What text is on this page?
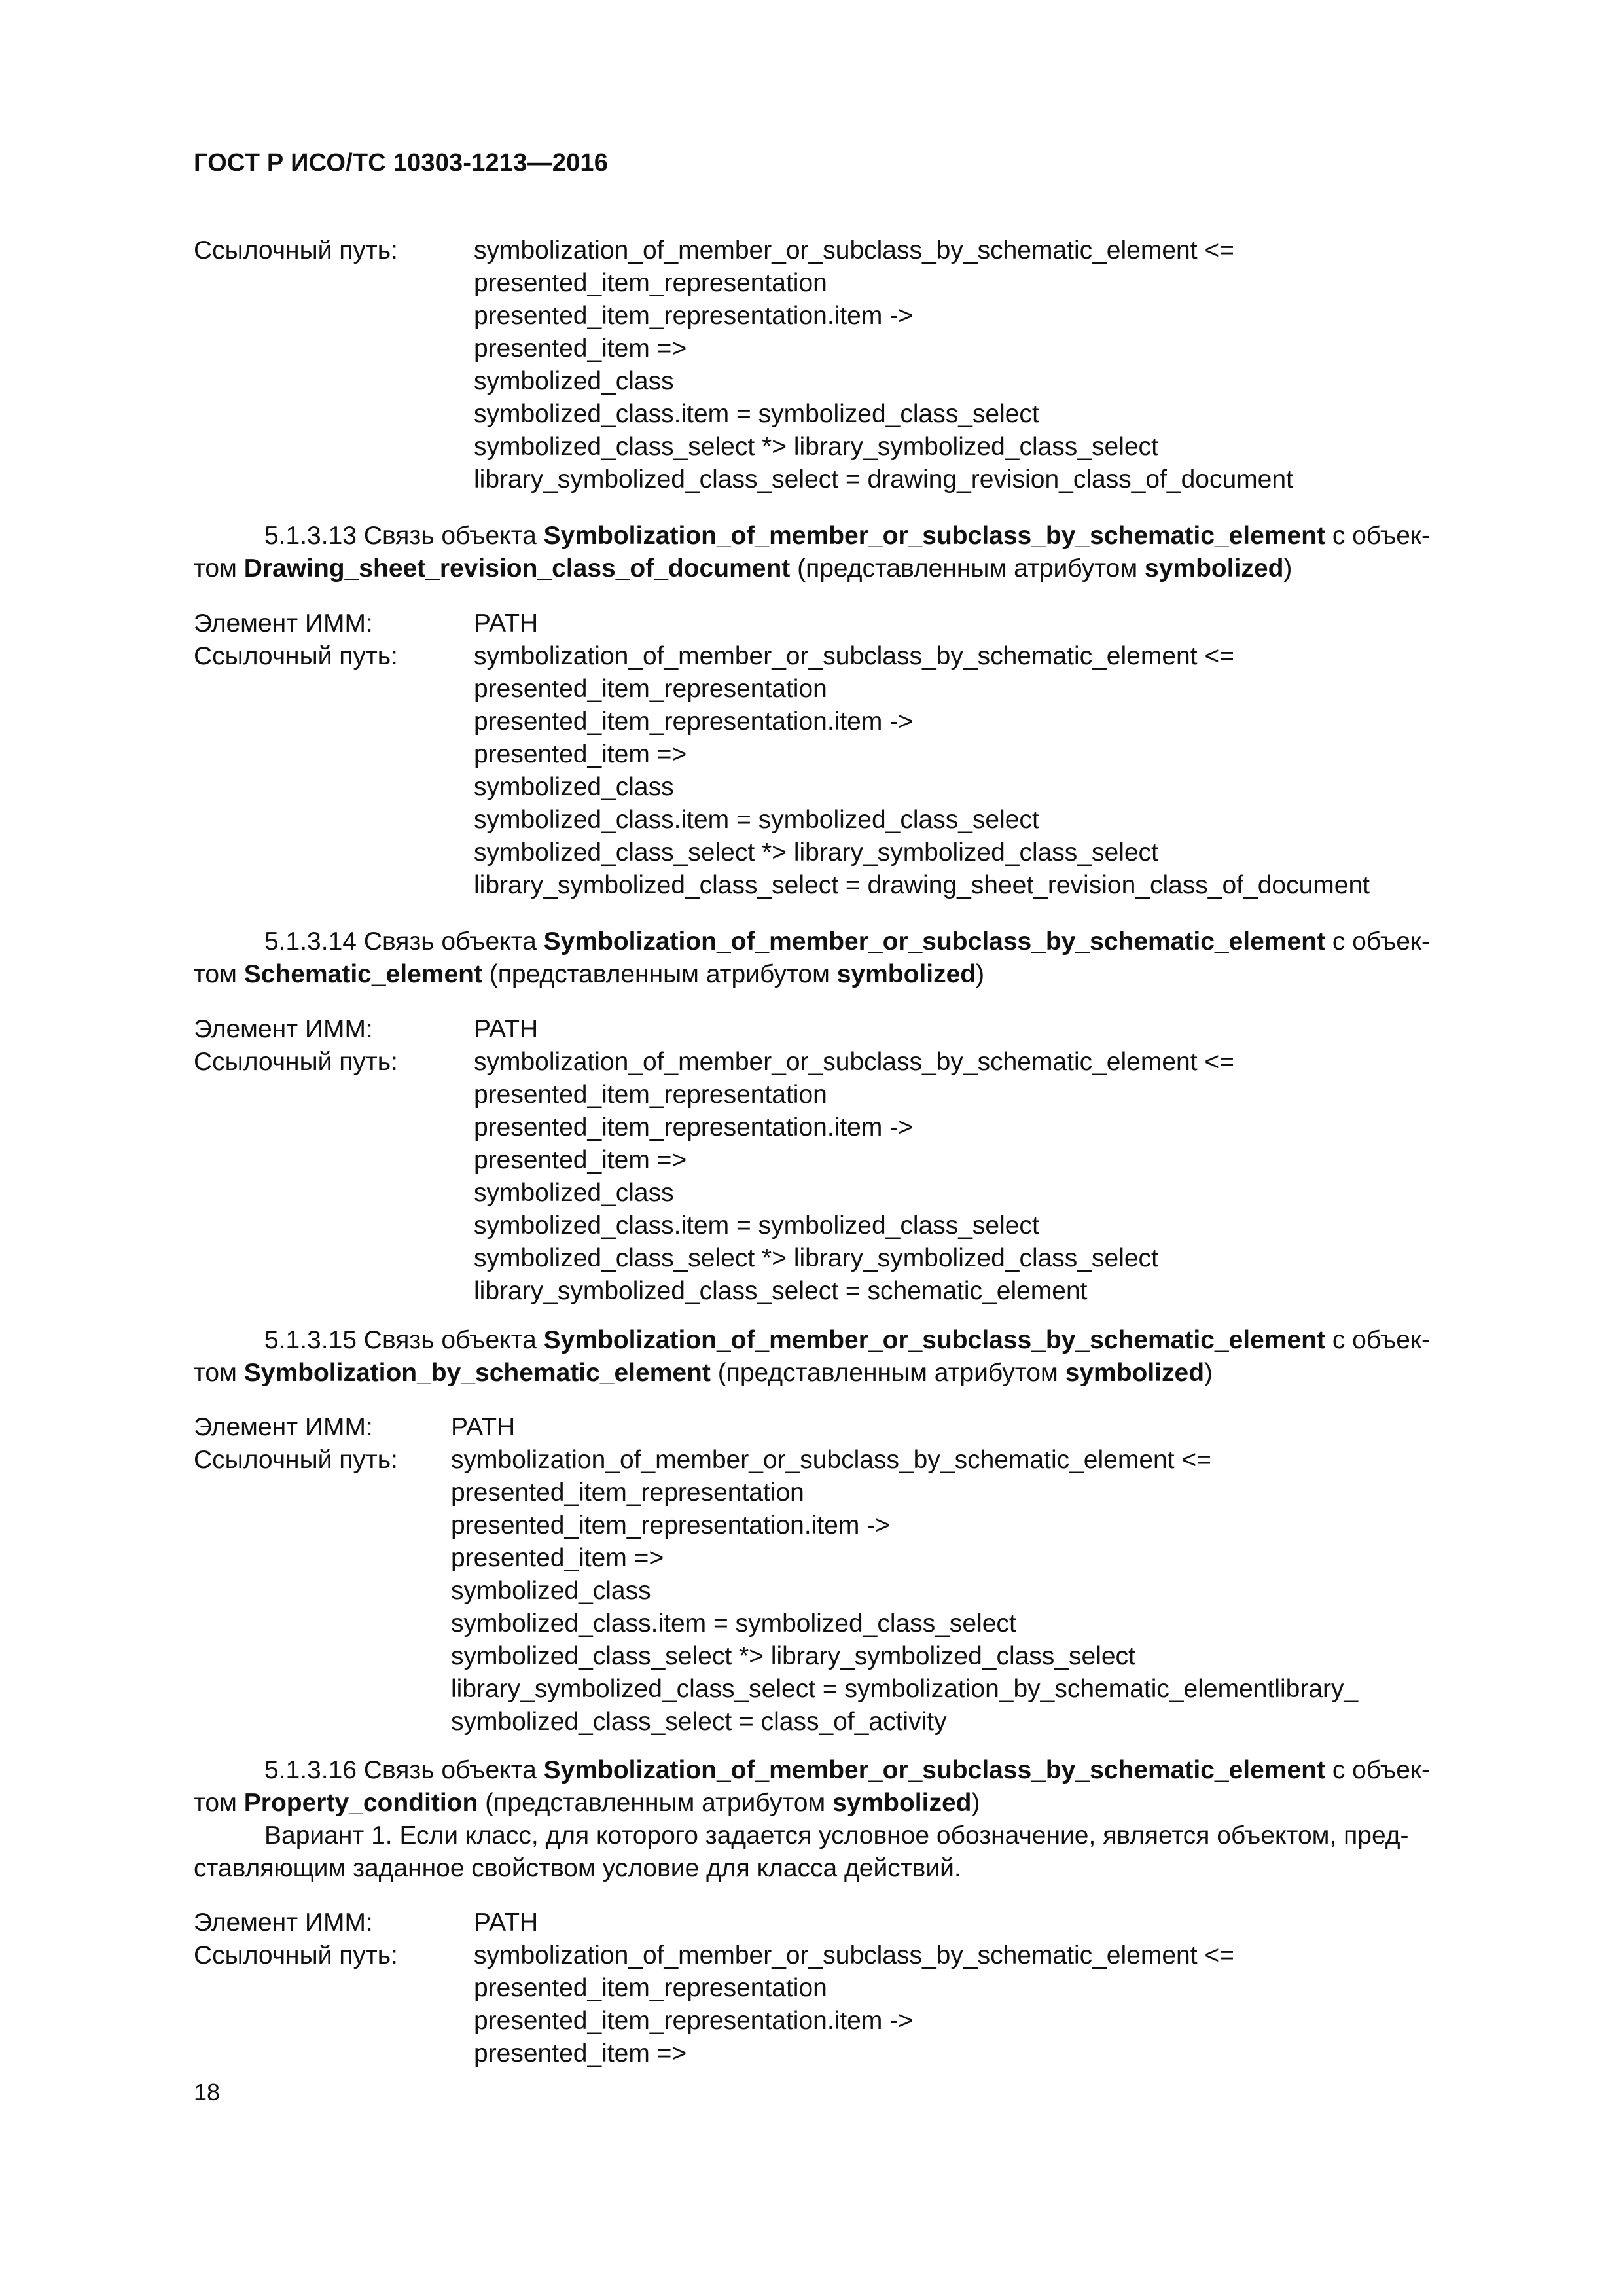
ГОСТ Р ИСО/ТС 10303-1213—2016
Ссылочный путь:	symbolization_of_member_or_subclass_by_schematic_element <=
presented_item_representation
presented_item_representation.item ->
presented_item =>
symbolized_class
symbolized_class.item = symbolized_class_select
symbolized_class_select *> library_symbolized_class_select
library_symbolized_class_select = drawing_revision_class_of_document
5.1.3.13 Связь объекта Symbolization_of_member_or_subclass_by_schematic_element с объек-
том Drawing_sheet_revision_class_of_document (представленным атрибутом symbolized)
Элемент ИММ:	PATH
Ссылочный путь:	symbolization_of_member_or_subclass_by_schematic_element <=
presented_item_representation
presented_item_representation.item ->
presented_item =>
symbolized_class
symbolized_class.item = symbolized_class_select
symbolized_class_select *> library_symbolized_class_select
library_symbolized_class_select = drawing_sheet_revision_class_of_document
5.1.3.14 Связь объекта Symbolization_of_member_or_subclass_by_schematic_element с объек-
том Schematic_element (представленным атрибутом symbolized)
Элемент ИММ:	PATH
Ссылочный путь:	symbolization_of_member_or_subclass_by_schematic_element <=
presented_item_representation
presented_item_representation.item ->
presented_item =>
symbolized_class
symbolized_class.item = symbolized_class_select
symbolized_class_select *> library_symbolized_class_select
library_symbolized_class_select = schematic_element
5.1.3.15 Связь объекта Symbolization_of_member_or_subclass_by_schematic_element с объек-
том Symbolization_by_schematic_element (представленным атрибутом symbolized)
Элемент ИММ:	PATH
Ссылочный путь:	symbolization_of_member_or_subclass_by_schematic_element <=
presented_item_representation
presented_item_representation.item ->
presented_item =>
symbolized_class
symbolized_class.item = symbolized_class_select
symbolized_class_select *> library_symbolized_class_select
library_symbolized_class_select = symbolization_by_schematic_elementlibrary_
symbolized_class_select = class_of_activity
5.1.3.16 Связь объекта Symbolization_of_member_or_subclass_by_schematic_element с объек-
том Property_condition (представленным атрибутом symbolized)
Вариант 1. Если класс, для которого задается условное обозначение, является объектом, пред-
ставляющим заданное свойством условие для класса действий.
Элемент ИММ:	PATH
Ссылочный путь:	symbolization_of_member_or_subclass_by_schematic_element <=
presented_item_representation
presented_item_representation.item ->
presented_item =>
18
